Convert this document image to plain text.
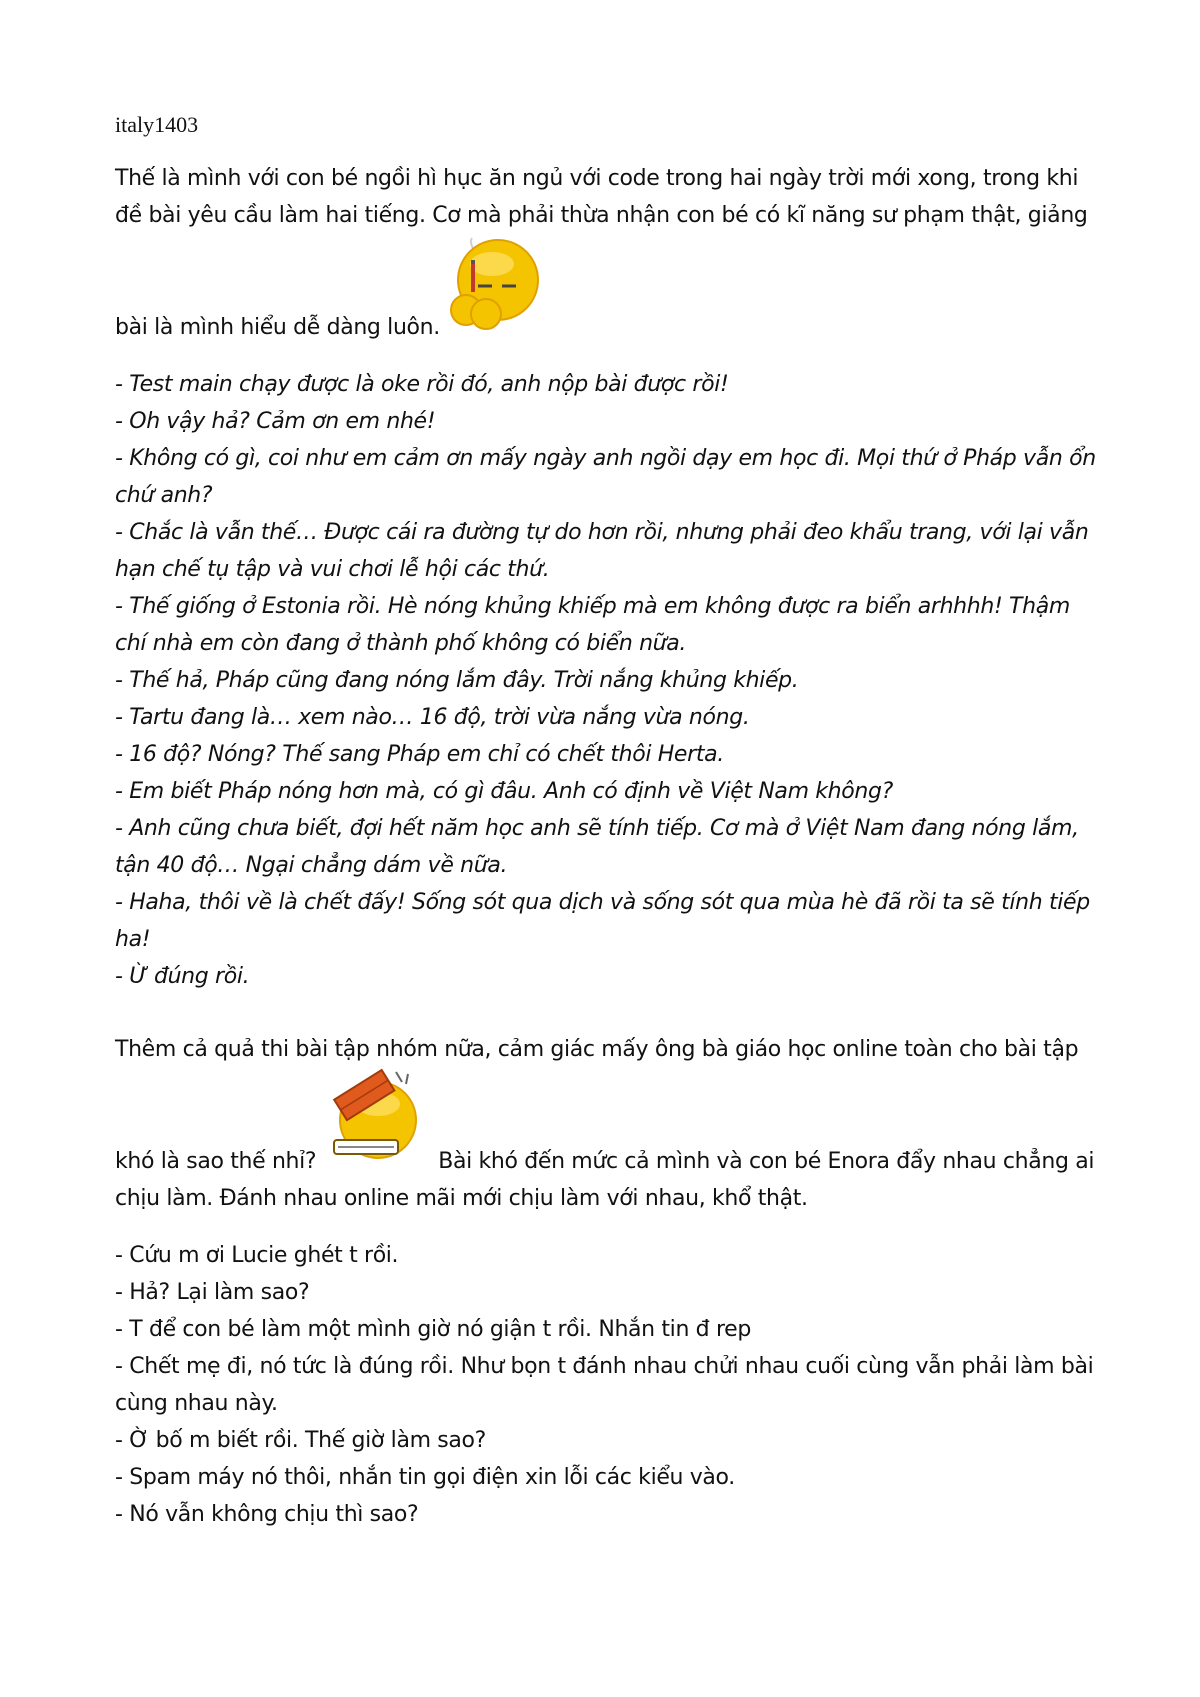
italy1403

Thế là mình với con bé ngồi hì hục ăn ngủ với code trong hai ngày trời mới xong, trong khi đề bài yêu cầu làm hai tiếng. Cơ mà phải thừa nhận con bé có kĩ năng sư phạm thật, giảng bài là mình hiểu dễ dàng luôn.

- Test main chạy được là oke rồi đó, anh nộp bài được rồi!

- Oh vậy hả? Cảm ơn em nhé!

- Không có gì, coi như em cảm ơn mấy ngày anh ngồi dạy em học đi. Mọi thứ ở Pháp vẫn ổn chứ anh?

- Chắc là vẫn thế… Được cái ra đường tự do hơn rồi, nhưng phải đeo khẩu trang, với lại vẫn hạn chế tụ tập và vui chơi lễ hội các thứ.

- Thế giống ở Estonia rồi. Hè nóng khủng khiếp mà em không được ra biển arhhhh! Thậm chí nhà em còn đang ở thành phố không có biển nữa.

- Thế hả, Pháp cũng đang nóng lắm đây. Trời nắng khủng khiếp.

- Tartu đang là… xem nào… 16 độ, trời vừa nắng vừa nóng.

- 16 độ? Nóng? Thế sang Pháp em chỉ có chết thôi Herta.

- Em biết Pháp nóng hơn mà, có gì đâu. Anh có định về Việt Nam không?

- Anh cũng chưa biết, đợi hết năm học anh sẽ tính tiếp. Cơ mà ở Việt Nam đang nóng lắm, tận 40 độ… Ngại chẳng dám về nữa.

- Haha, thôi về là chết đấy! Sống sót qua dịch và sống sót qua mùa hè đã rồi ta sẽ tính tiếp ha!

- Ừ đúng rồi.

Thêm cả quả thi bài tập nhóm nữa, cảm giác mấy ông bà giáo học online toàn cho bài tập khó là sao thế nhỉ?	Bài khó đến mức cả mình và con bé Enora đẩy nhau chẳng ai chịu làm. Đánh nhau online mãi mới chịu làm với nhau, khổ thật.

- Cứu m ơi Lucie ghét t rồi.

- Hả? Lại làm sao?

- T để con bé làm một mình giờ nó giận t rồi. Nhắn tin đ rep

- Chết mẹ đi, nó tức là đúng rồi. Như bọn t đánh nhau chửi nhau cuối cùng vẫn phải làm bài cùng nhau này.

- Ờ bố m biết rồi. Thế giờ làm sao?

- Spam máy nó thôi, nhắn tin gọi điện xin lỗi các kiểu vào.

- Nó vẫn không chịu thì sao?
